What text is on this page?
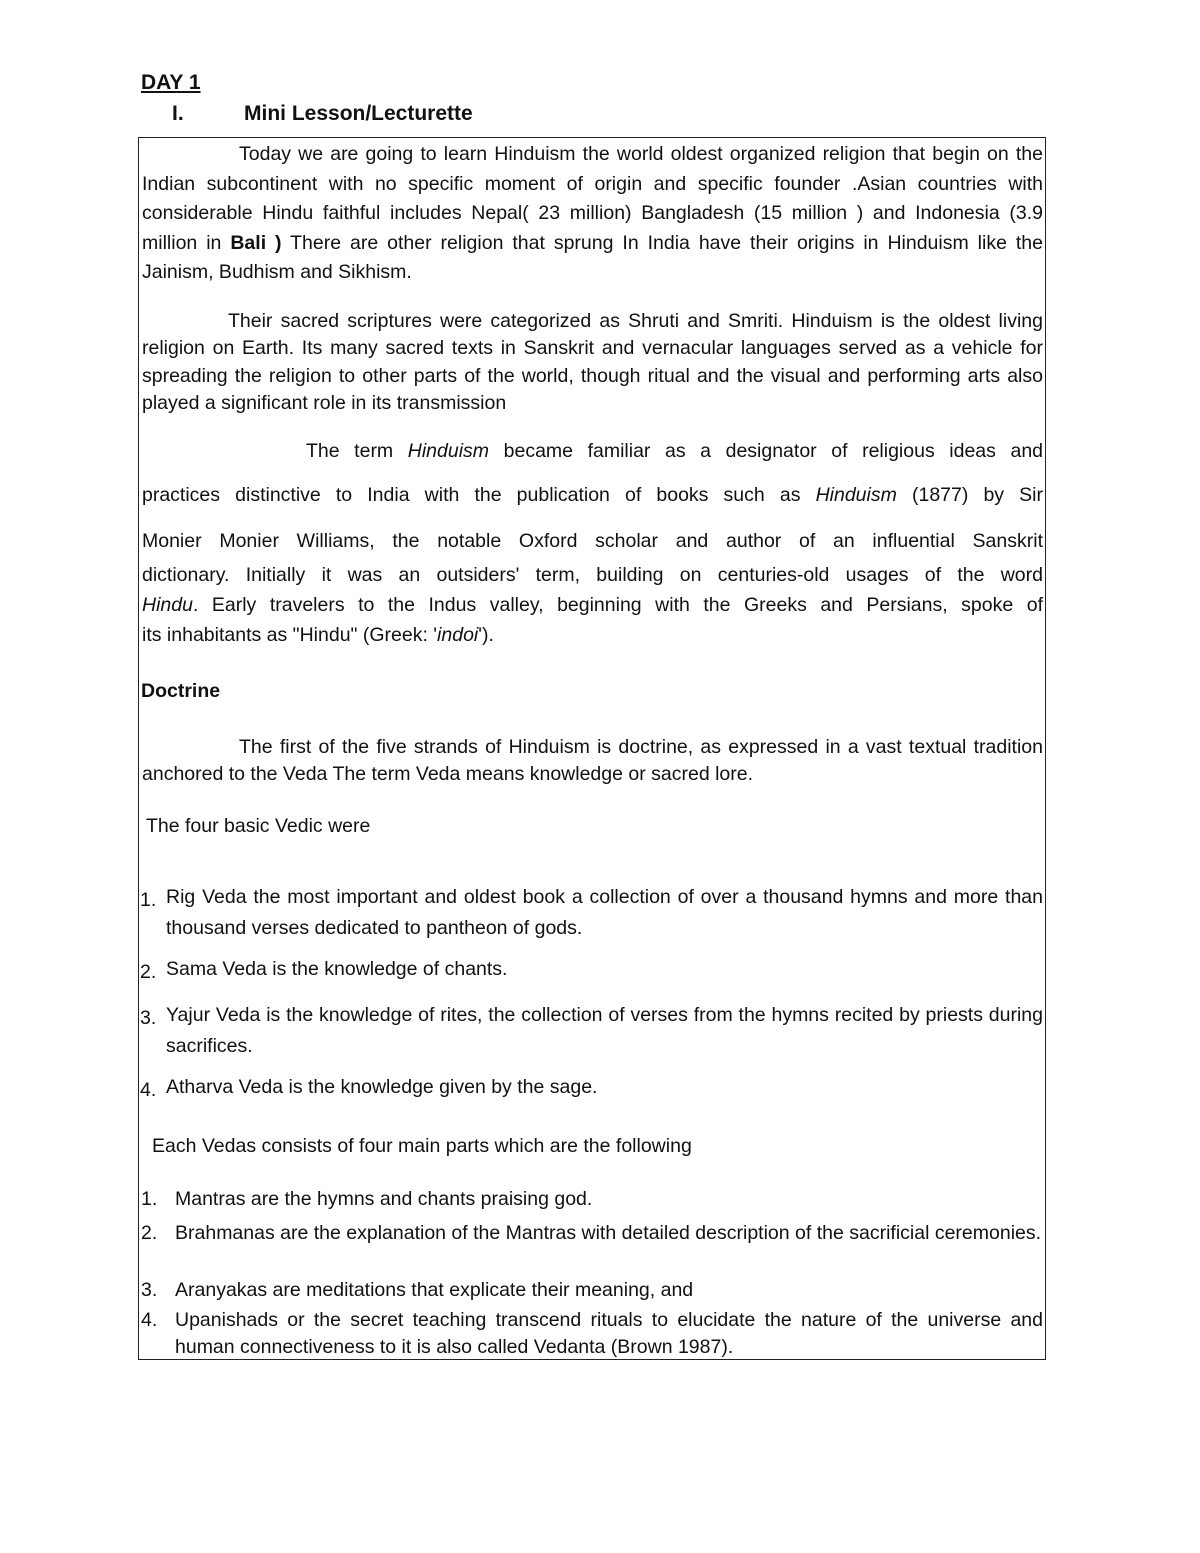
DAY 1
I.	Mini Lesson/Lecturette

Today we are going to learn Hinduism the world oldest organized religion that begin on the Indian subcontinent with no specific moment of origin and specific founder .Asian countries with considerable Hindu faithful includes Nepal( 23 million) Bangladesh (15 million ) and Indonesia (3.9 million in Bali ) There are other religion that sprung In India have their origins in Hinduism like the Jainism, Budhism and Sikhism.

Their sacred scriptures were categorized as Shruti and Smriti. Hinduism is the oldest living religion on Earth. Its many sacred texts in Sanskrit and vernacular languages served as a vehicle for spreading the religion to other parts of the world, though ritual and the visual and performing arts also played a significant role in its transmission

The term Hinduism became familiar as a designator of religious ideas and
practices distinctive to India with the publication of books such as Hinduism (1877) by Sir
Monier Monier Williams, the notable Oxford scholar and author of an influential Sanskrit
dictionary. Initially it was an outsiders' term, building on centuries-old usages of the word
Hindu. Early travelers to the Indus valley, beginning with the Greeks and Persians, spoke of
its inhabitants as "Hindu" (Greek: 'indoi').
Doctrine

The first of the five strands of Hinduism is doctrine, as expressed in a vast textual tradition anchored to the Veda The term Veda means knowledge or sacred lore.

The four basic Vedic were

1. Rig Veda the most important and oldest book a collection of over a thousand hymns and more than thousand verses dedicated to pantheon of gods.
2. Sama Veda is the knowledge of chants.
3. Yajur Veda is the knowledge of rites, the collection of verses from the hymns recited by priests during sacrifices.
4. Atharva Veda is the knowledge given by the sage.

Each Vedas consists of four main parts which are the following

1. Mantras are the hymns and chants praising god.
2. Brahmanas are the explanation of the Mantras with detailed description of the sacrificial ceremonies.
3. Aranyakas are meditations that explicate their meaning, and
4. Upanishads or the secret teaching transcend rituals to elucidate the nature of the universe and human connectiveness to it is also called Vedanta (Brown 1987).
